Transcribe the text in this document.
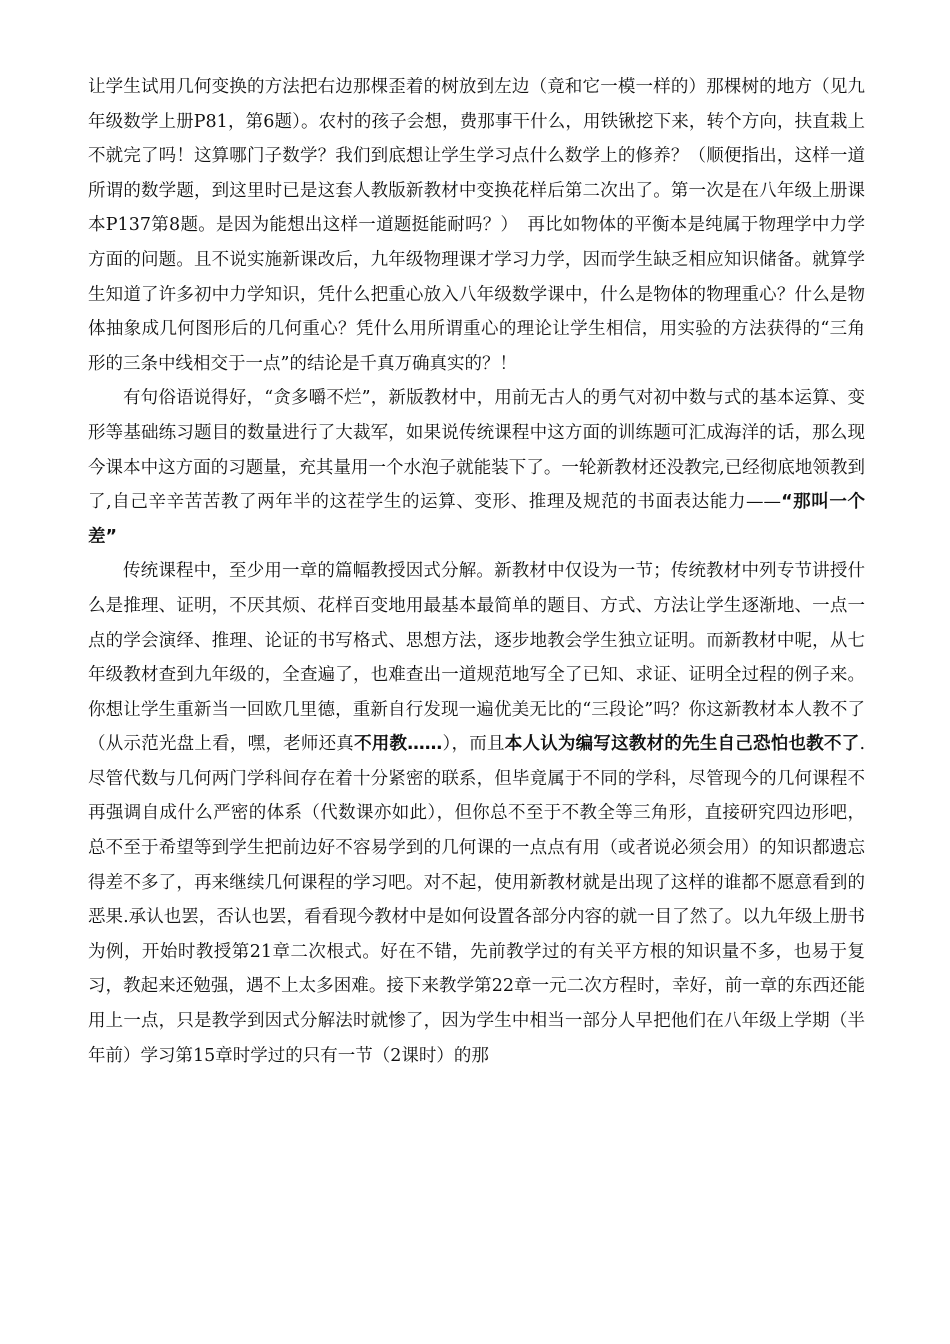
让学生试用几何变换的方法把右边那棵歪着的树放到左边（竟和它一模一样的）那棵树的地方（见九年级数学上册P81，第6题）。农村的孩子会想，费那事干什么，用铁锹挖下来，转个方向，扶直栽上不就完了吗！这算哪门子数学？我们到底想让学生学习点什么数学上的修养？（顺便指出，这样一道所谓的数学题，到这里时已是这套人教版新教材中变换花样后第二次出了。第一次是在八年级上册课本P137第8题。是因为能想出这样一道题挺能耐吗？）　再比如物体的平衡本是纯属于物理学中力学方面的问题。且不说实施新课改后，九年级物理课才学习力学，因而学生缺乏相应知识储备。就算学生知道了许多初中力学知识，凭什么把重心放入八年级数学课中，什么是物体的物理重心？什么是物体抽象成几何图形后的几何重心？凭什么用所谓重心的理论让学生相信，用实验的方法获得的“三角形的三条中线相交于一点”的结论是千真万确真实的？！

有句俗语说得好，“贪多嚼不烂”，新版教材中，用前无古人的勇气对初中数与式的基本运算、变形等基础练习题目的数量进行了大裁军，如果说传统课程中这方面的训练题可汇成海洋的话，那么现今课本中这方面的习题量，充其量用一个水泡子就能装下了。一轮新教材还没教完,已经彻底地领教到了,自己辛辛苦苦教了两年半的这茬学生的运算、变形、推理及规范的书面表达能力——“那叫一个差”

传统课程中，至少用一章的篇幅教授因式分解。新教材中仅设为一节；传统教材中列专节讲授什么是推理、证明，不厌其烦、花样百变地用最基本最简单的题目、方式、方法让学生逐渐地、一点一点的学会演绎、推理、论证的书写格式、思想方法，逐步地教会学生独立证明。而新教材中呢，从七年级教材查到九年级的，全查遍了，也难查出一道规范地写全了已知、求证、证明全过程的例子来。你想让学生重新当一回欧几里德，重新自行发现一遍优美无比的“三段论”吗？你这新教材本人教不了（从示范光盘上看，嘿，老师还真不用教……），而且本人认为编写这教材的先生自己恐怕也教不了. 尽管代数与几何两门学科间存在着十分紧密的联系，但毕竟属于不同的学科，尽管现今的几何课程不再强调自成什么严密的体系（代数课亦如此），但你总不至于不教全等三角形，直接研究四边形吧，总不至于希望等到学生把前边好不容易学到的几何课的一点点有用（或者说必须会用）的知识都遗忘得差不多了，再来继续几何课程的学习吧。对不起，使用新教材就是出现了这样的谁都不愿意看到的恶果.承认也罢，否认也罢，看看现今教材中是如何设置各部分内容的就一目了然了。以九年级上册书为例，开始时教授第21章二次根式。好在不错，先前教学过的有关平方根的知识量不多，也易于复习，教起来还勉强，遇不上太多困难。接下来教学第22章一元二次方程时，幸好，前一章的东西还能用上一点，只是教学到因式分解法时就惨了，因为学生中相当一部分人早把他们在八年级上学期（半年前）学习第15章时学过的只有一节（2课时）的那
